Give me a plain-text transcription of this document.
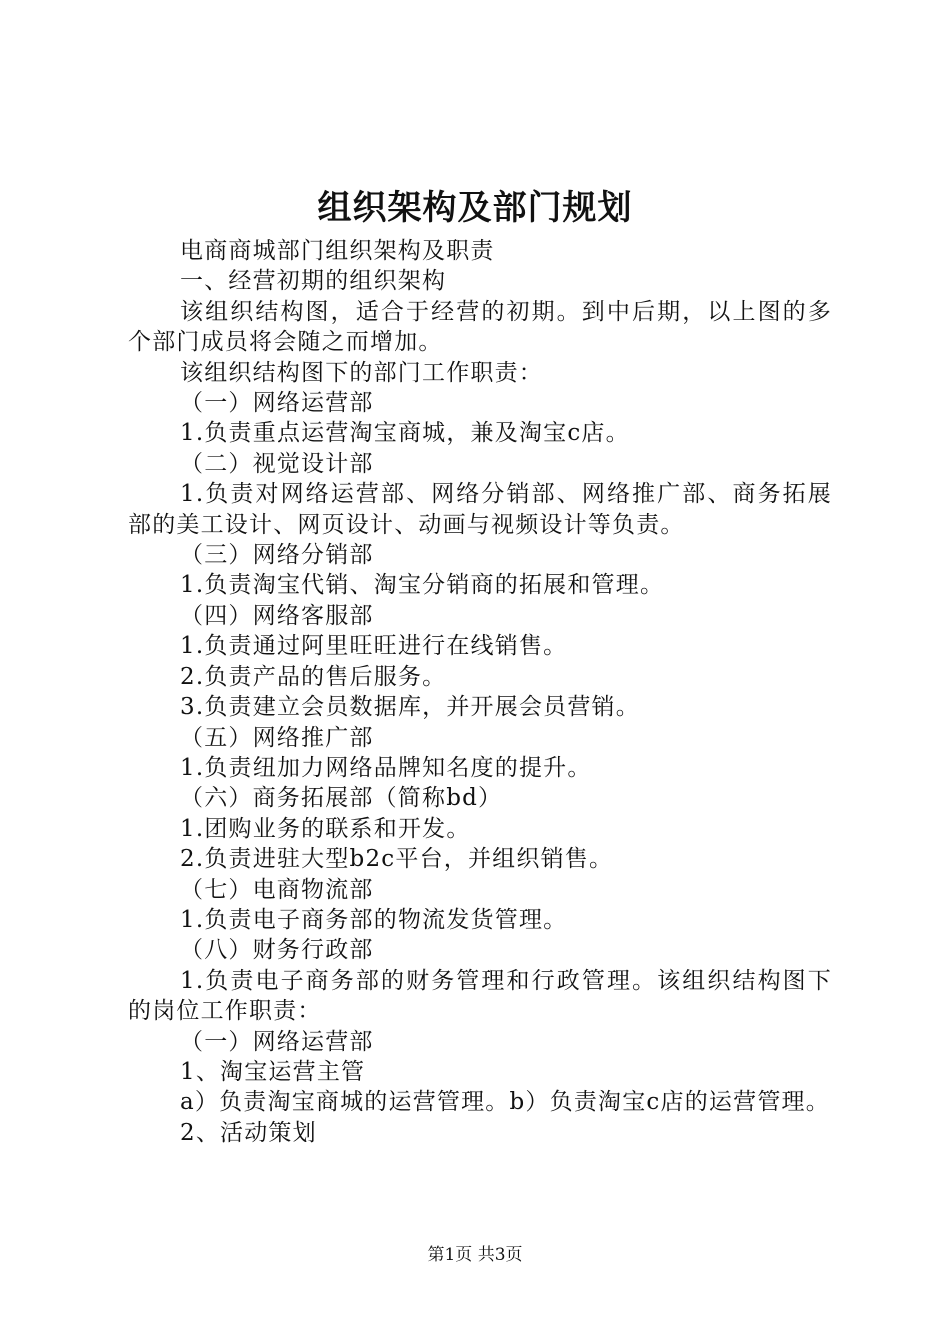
组织架构及部门规划

电商商城部门组织架构及职责

一、经营初期的组织架构

该组织结构图，适合于经营的初期。到中后期，以上图的多个部门成员将会随之而增加。

该组织结构图下的部门工作职责：

（一）网络运营部

1.负责重点运营淘宝商城，兼及淘宝c店。

（二）视觉设计部

1.负责对网络运营部、网络分销部、网络推广部、商务拓展部的美工设计、网页设计、动画与视频设计等负责。

（三）网络分销部

1.负责淘宝代销、淘宝分销商的拓展和管理。

（四）网络客服部

1.负责通过阿里旺旺进行在线销售。

2.负责产品的售后服务。

3.负责建立会员数据库，并开展会员营销。

（五）网络推广部

1.负责纽加力网络品牌知名度的提升。

（六）商务拓展部（简称bd）

1.团购业务的联系和开发。

2.负责进驻大型b2c平台，并组织销售。

（七）电商物流部

1.负责电子商务部的物流发货管理。

（八）财务行政部

1.负责电子商务部的财务管理和行政管理。该组织结构图下的岗位工作职责：

（一）网络运营部

1、淘宝运营主管

a）负责淘宝商城的运营管理。b）负责淘宝c店的运营管理。

2、活动策划

第1页 共3页
